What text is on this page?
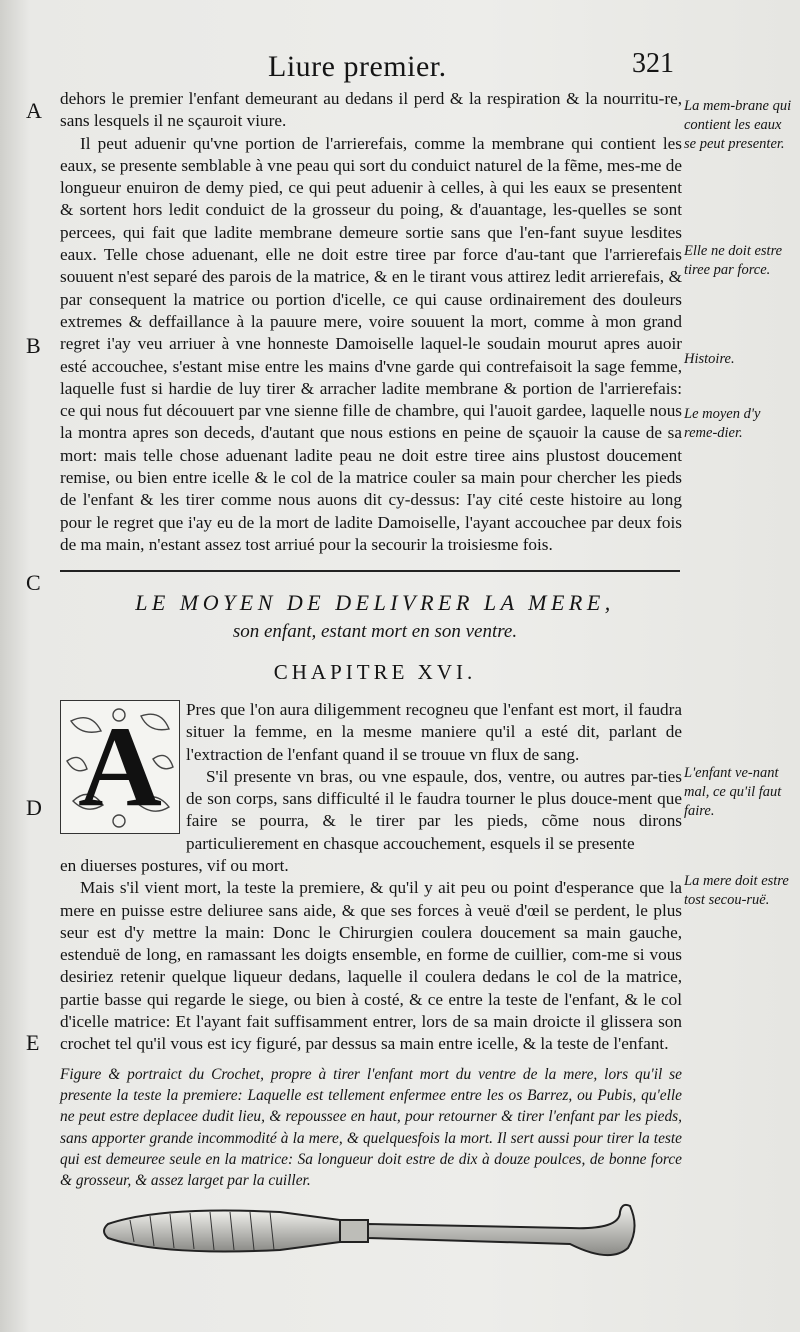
Liure premier.	321
A
B
C
D
E
La mem-brane qui contient les eaux se peut presenter.
Elle ne doit estre tiree par force.
Histoire.
Le moyen d'y reme-dier.
L'enfant ve-nant mal, ce qu'il faut faire.
La mere doit estre tost secou-ruë.

dehors le premier l'enfant demeurant au dedans il perd & la respiration & la nourritu-re, sans lesquels il ne sçauroit viure.

Il peut aduenir qu'vne portion de l'arrierefais, comme la membrane qui contient les eaux, se presente semblable à vne peau qui sort du conduict naturel de la fẽme, mes-me de longueur enuiron de demy pied, ce qui peut aduenir à celles, à qui les eaux se presentent & sortent hors ledit conduict de la grosseur du poing, & d'auantage, les-quelles se sont percees, qui fait que ladite membrane demeure sortie sans que l'en-fant suyue lesdites eaux. Telle chose aduenant, elle ne doit estre tiree par force d'au-tant que l'arrierefais souuent n'est separé des parois de la matrice, & en le tirant vous attirez ledit arrierefais, & par consequent la matrice ou portion d'icelle, ce qui cause ordinairement des douleurs extremes & deffaillance à la pauure mere, voire souuent la mort, comme à mon grand regret i'ay veu arriuer à vne honneste Damoiselle laquel-le soudain mourut apres auoir esté accouchee, s'estant mise entre les mains d'vne garde qui contrefaisoit la sage femme, laquelle fust si hardie de luy tirer & arracher ladite membrane & portion de l'arrierefais: ce qui nous fut découuert par vne sienne fille de chambre, qui l'auoit gardee, laquelle nous la montra apres son deceds, d'autant que nous estions en peine de sçauoir la cause de sa mort: mais telle chose aduenant ladite peau ne doit estre tiree ains plustost doucement remise, ou bien entre icelle & le col de la matrice couler sa main pour chercher les pieds de l'enfant & les tirer comme nous auons dit cy-dessus: I'ay cité ceste histoire au long pour le regret que i'ay eu de la mort de ladite Damoiselle, l'ayant accouchee par deux fois de ma main, n'estant assez tost arriué pour la secourir la troisiesme fois.

LE MOYEN DE DELIVRER LA MERE,
son enfant, estant mort en son ventre.
CHAPITRE XVI.
A	Pres que l'on aura diligemment recogneu que l'enfant est mort, il faudra situer la femme, en la mesme maniere qu'il a esté dit, parlant de l'extraction de l'enfant quand il se trouue vn flux de sang.

S'il presente vn bras, ou vne espaule, dos, ventre, ou autres par-ties de son corps, sans difficulté il le faudra tourner le plus douce-ment que faire se pourra, & le tirer par les pieds, cõme nous dirons particulierement en chasque accouchement, esquels il se presente

en diuerses postures, vif ou mort.

Mais s'il vient mort, la teste la premiere, & qu'il y ait peu ou point d'esperance que la mere en puisse estre deliuree sans aide, & que ses forces à veuë d'œil se perdent, le plus seur est d'y mettre la main: Donc le Chirurgien coulera doucement sa main gauche, estenduë de long, en ramassant les doigts ensemble, en forme de cuillier, com-me si vous desiriez retenir quelque liqueur dedans, laquelle il coulera dedans le col de la matrice, partie basse qui regarde le siege, ou bien à costé, & ce entre la teste de l'enfant, & le col d'icelle matrice: Et l'ayant fait suffisamment entrer, lors de sa main droicte il glissera son crochet tel qu'il vous est icy figuré, par dessus sa main entre icelle, & la teste de l'enfant.

Figure & portraict du Crochet, propre à tirer l'enfant mort du ventre de la mere, lors qu'il se presente la teste la premiere: Laquelle est tellement enfermee entre les os Barrez, ou Pubis, qu'elle ne peut estre deplacee dudit lieu, & repoussee en haut, pour retourner & tirer l'enfant par les pieds, sans apporter grande incommodité à la mere, & quelquesfois la mort. Il sert aussi pour tirer la teste qui est demeuree seule en la matrice: Sa longueur doit estre de dix à douze poulces, de bonne force & grosseur, & assez larget par la cuiller.
